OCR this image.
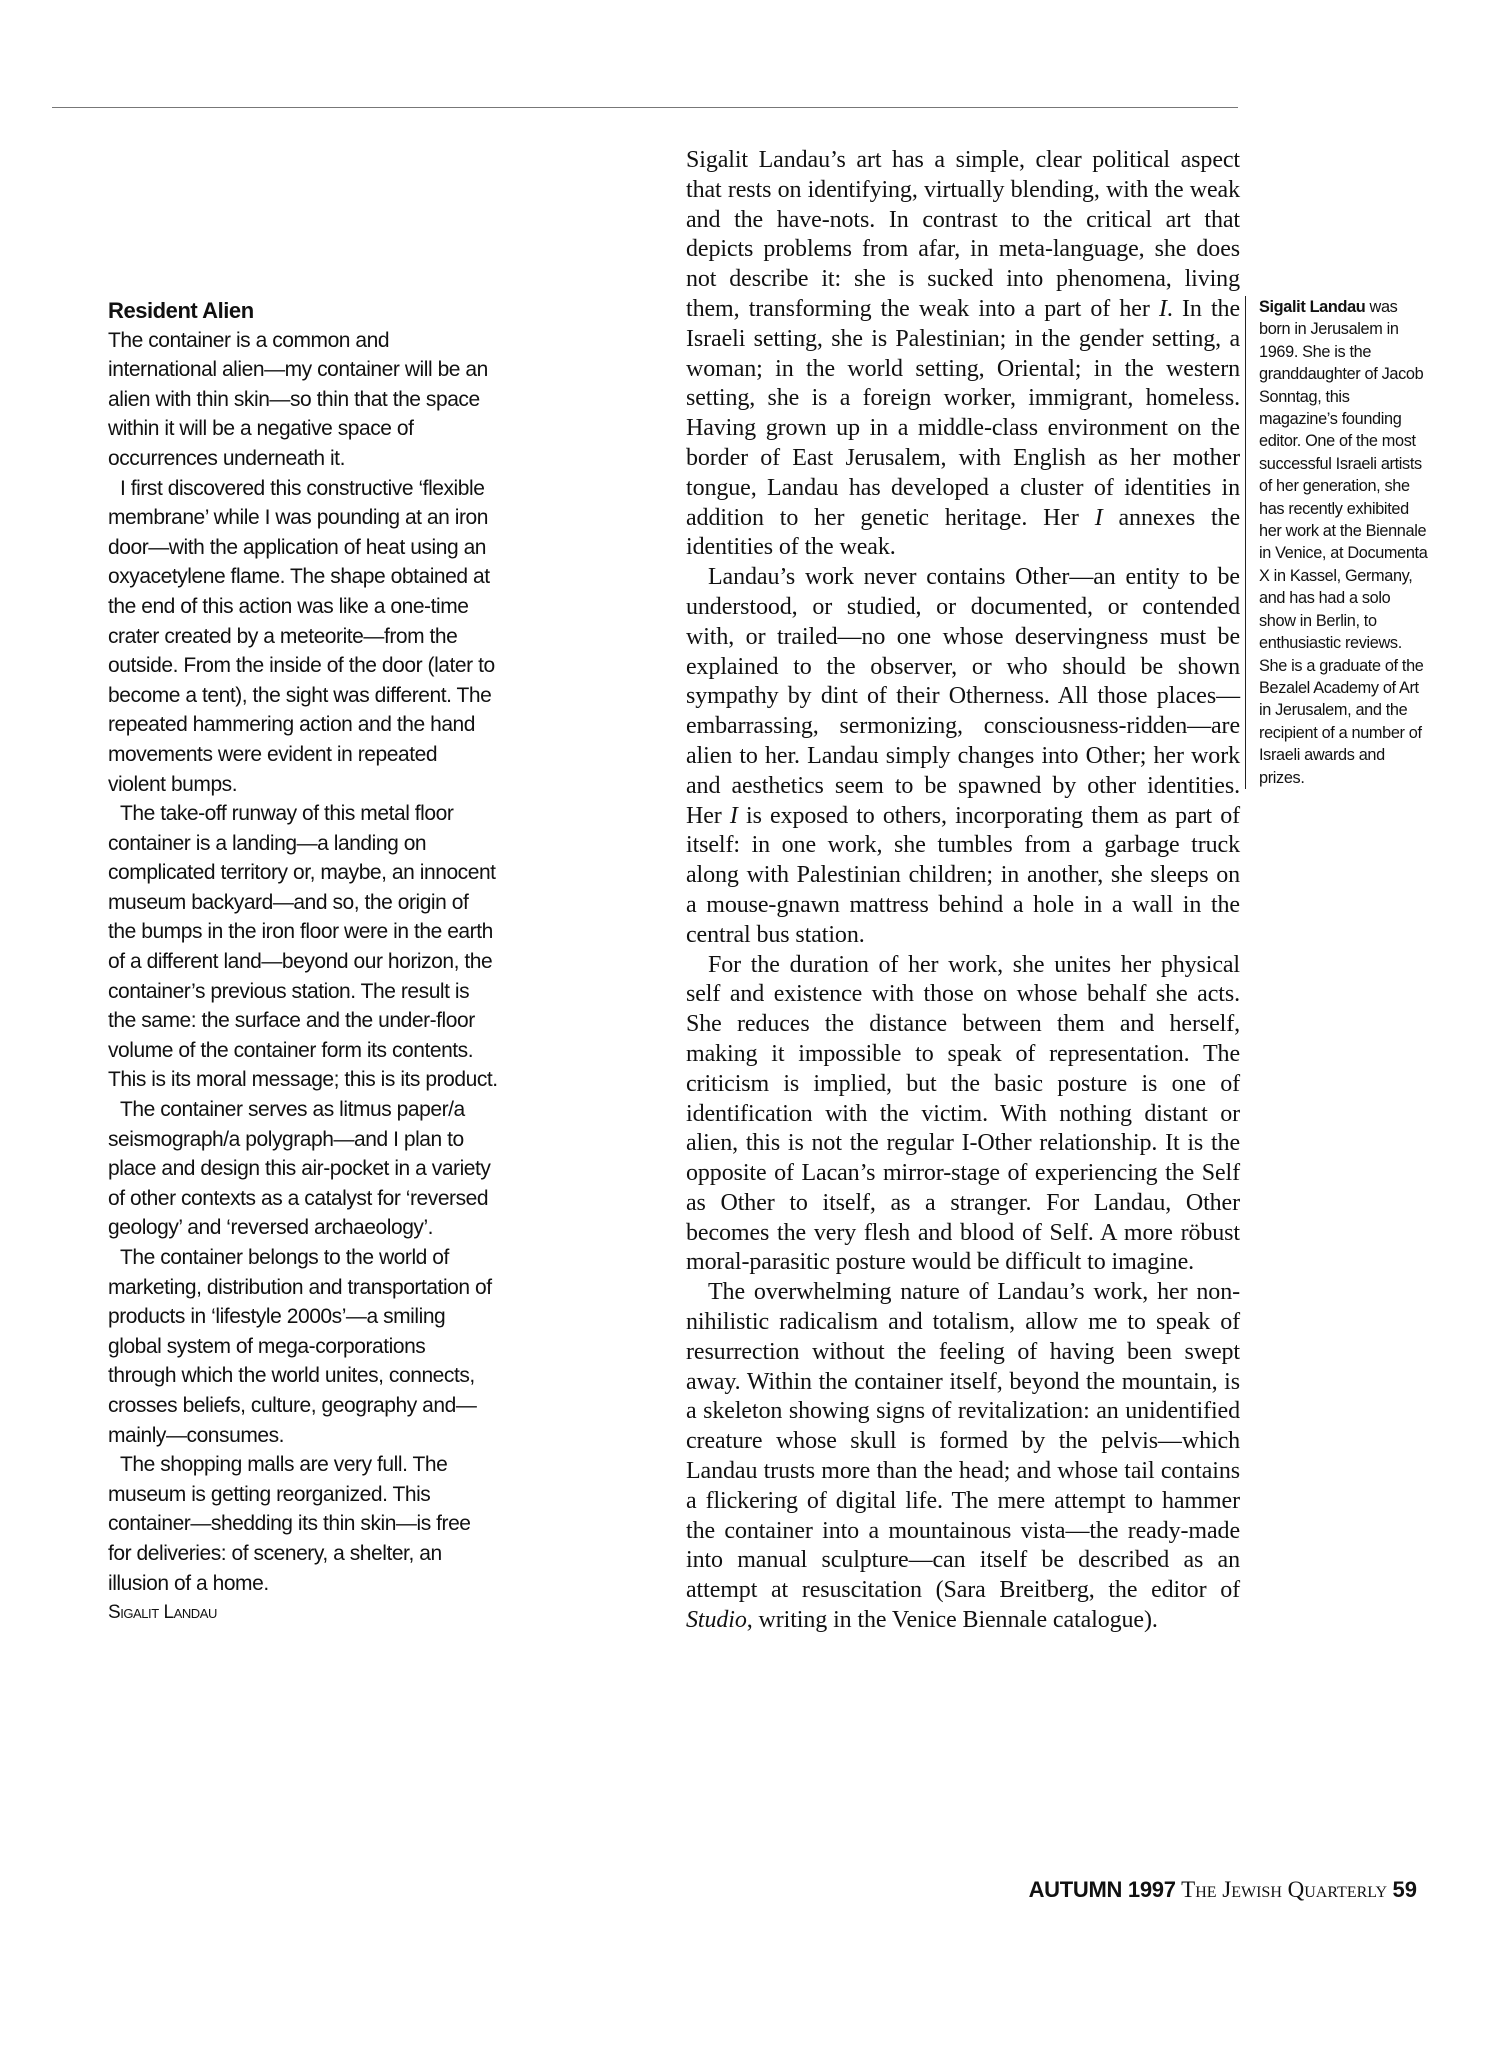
Resident Alien

The container is a common and international alien—my container will be an alien with thin skin—so thin that the space within it will be a negative space of occurrences underneath it.

I first discovered this constructive ‘flexible membrane’ while I was pounding at an iron door—with the application of heat using an oxyacetylene flame. The shape obtained at the end of this action was like a one-time crater created by a meteorite—from the outside. From the inside of the door (later to become a tent), the sight was different. The repeated hammering action and the hand movements were evident in repeated violent bumps.

The take-off runway of this metal floor container is a landing—a landing on complicated territory or, maybe, an innocent museum backyard—and so, the origin of the bumps in the iron floor were in the earth of a different land—beyond our horizon, the container’s previous station. The result is the same: the surface and the under-floor volume of the container form its contents. This is its moral message; this is its product.

The container serves as litmus paper/a seismograph/a polygraph—and I plan to place and design this air-pocket in a variety of other contexts as a catalyst for ‘reversed geology’ and ‘reversed archaeology’.

The container belongs to the world of marketing, distribution and transportation of products in ‘lifestyle 2000s’—a smiling global system of mega-corporations through which the world unites, connects, crosses beliefs, culture, geography and—mainly—consumes.

The shopping malls are very full. The museum is getting reorganized. This container—shedding its thin skin—is free for deliveries: of scenery, a shelter, an illusion of a home.

Sigalit Landau

Sigalit Landau’s art has a simple, clear political aspect that rests on identifying, virtually blending, with the weak and the have-nots. In contrast to the critical art that depicts problems from afar, in meta-language, she does not describe it: she is sucked into phenomena, living them, transforming the weak into a part of her I. In the Israeli setting, she is Palestinian; in the gender setting, a woman; in the world setting, Oriental; in the western setting, she is a foreign worker, immigrant, homeless. Having grown up in a middle-class environment on the border of East Jerusalem, with English as her mother tongue, Landau has developed a cluster of identities in addition to her genetic heritage. Her I annexes the identities of the weak.

Landau’s work never contains Other—an entity to be understood, or studied, or documented, or contended with, or trailed—no one whose deservingness must be explained to the observer, or who should be shown sympathy by dint of their Otherness. All those places—embarrassing, sermonizing, consciousness-ridden—are alien to her. Landau simply changes into Other; her work and aesthetics seem to be spawned by other identities. Her I is exposed to others, incorporating them as part of itself: in one work, she tumbles from a garbage truck along with Palestinian children; in another, she sleeps on a mouse-gnawn mattress behind a hole in a wall in the central bus station.

For the duration of her work, she unites her physical self and existence with those on whose behalf she acts. She reduces the distance between them and herself, making it impossible to speak of representation. The criticism is implied, but the basic posture is one of identification with the victim. With nothing distant or alien, this is not the regular I-Other relationship. It is the opposite of Lacan’s mirror-stage of experiencing the Self as Other to itself, as a stranger. For Landau, Other becomes the very flesh and blood of Self. A more röbust moral-parasitic posture would be difficult to imagine.

The overwhelming nature of Landau’s work, her non-nihilistic radicalism and totalism, allow me to speak of resurrection without the feeling of having been swept away. Within the container itself, beyond the mountain, is a skeleton showing signs of revitalization: an unidentified creature whose skull is formed by the pelvis—which Landau trusts more than the head; and whose tail contains a flickering of digital life. The mere attempt to hammer the container into a mountainous vista—the ready-made into manual sculpture—can itself be described as an attempt at resuscitation (Sara Breitberg, the editor of Studio, writing in the Venice Biennale catalogue).

Sigalit Landau was born in Jerusalem in 1969. She is the granddaughter of Jacob Sonntag, this magazine’s founding editor. One of the most successful Israeli artists of her generation, she has recently exhibited her work at the Biennale in Venice, at Documenta X in Kassel, Germany, and has had a solo show in Berlin, to enthusiastic reviews. She is a graduate of the Bezalel Academy of Art in Jerusalem, and the recipient of a number of Israeli awards and prizes.
AUTUMN 1997 The Jewish Quarterly 59
